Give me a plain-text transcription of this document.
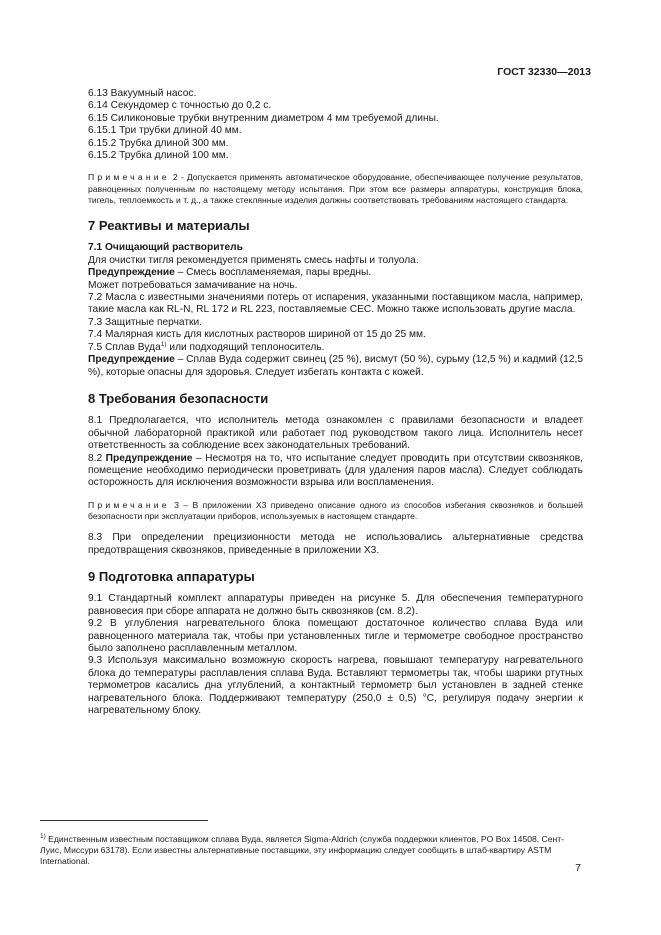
ГОСТ 32330—2013

6.13 Вакуумный насос.

6.14 Секундомер с точностью до 0,2 с.

6.15 Силиконовые трубки внутренним диаметром 4 мм требуемой длины.

6.15.1 Три трубки длиной 40 мм.

6.15.2 Трубка длиной 300 мм.

6.15.2 Трубка длиной 100 мм.

Примечание 2 - Допускается применять автоматическое оборудование, обеспечивающее получение результатов, равноценных полученным по настоящему методу испытания. При этом все размеры аппаратуры, конструкция блока, тигель, теплоемкость и т. д., а также стеклянные изделия должны соответствовать требованиям настоящего стандарта.

7 Реактивы и материалы

7.1 Очищающий растворитель

Для очистки тигля рекомендуется применять смесь нафты и толуола.

Предупреждение – Смесь воспламеняемая, пары вредны.

Может потребоваться замачивание на ночь.

7.2 Масла с известными значениями потерь от испарения, указанными поставщиком масла, например, такие масла как RL-N, RL 172 и RL 223, поставляемые CEC. Можно также использовать другие масла.

7.3 Защитные перчатки.

7.4 Малярная кисть для кислотных растворов шириной от 15 до 25 мм.

7.5 Сплав Вуда$^{1)}$ или подходящий теплоноситель.

Предупреждение – Сплав Вуда содержит свинец (25 %), висмут (50 %), сурьму (12,5 %) и кадмий (12,5 %), которые опасны для здоровья. Следует избегать контакта с кожей.

8 Требования безопасности

8.1 Предполагается, что исполнитель метода ознакомлен с правилами безопасности и владеет обычной лабораторной практикой или работает под руководством такого лица. Исполнитель несет ответственность за соблюдение всех законодательных требований.

8.2 Предупреждение – Несмотря на то, что испытание следует проводить при отсутствии сквозняков, помещение необходимо периодически проветривать (для удаления паров масла). Следует соблюдать осторожность для исключения возможности взрыва или воспламенения.

Примечание 3 – В приложении Х3 приведено описание одного из способов избегания сквозняков и большей безопасности при эксплуатации приборов, используемых в настоящем стандарте.

8.3 При определении прецизионности метода не использовались альтернативные средства предотвращения сквозняков, приведенные в приложении Х3.

9 Подготовка аппаратуры

9.1 Стандартный комплект аппаратуры приведен на рисунке 5. Для обеспечения температурного равновесия при сборе аппарата не должно быть сквозняков (см. 8.2).

9.2 В углубления нагревательного блока помещают достаточное количество сплава Вуда или равноценного материала так, чтобы при установленных тигле и термометре свободное пространство было заполнено расплавленным металлом.

9.3 Используя максимально возможную скорость нагрева, повышают температуру нагревательного блока до температуры расплавления сплава Вуда. Вставляют термометры так, чтобы шарики ртутных термометров касались дна углублений, а контактный термометр был установлен в задней стенке нагревательного блока. Поддерживают температуру (250,0 ± 0,5) °С, регулируя подачу энергии к нагревательному блоку.

$^{1)}$ Единственным известным поставщиком сплава Вуда, является Sigma-Aldrich (служба поддержки клиентов, PO Box 14508, Сент-Луис, Миссури 63178). Если известны альтернативные поставщики, эту информацию следует сообщить в штаб-квартиру ASTM International.

7
